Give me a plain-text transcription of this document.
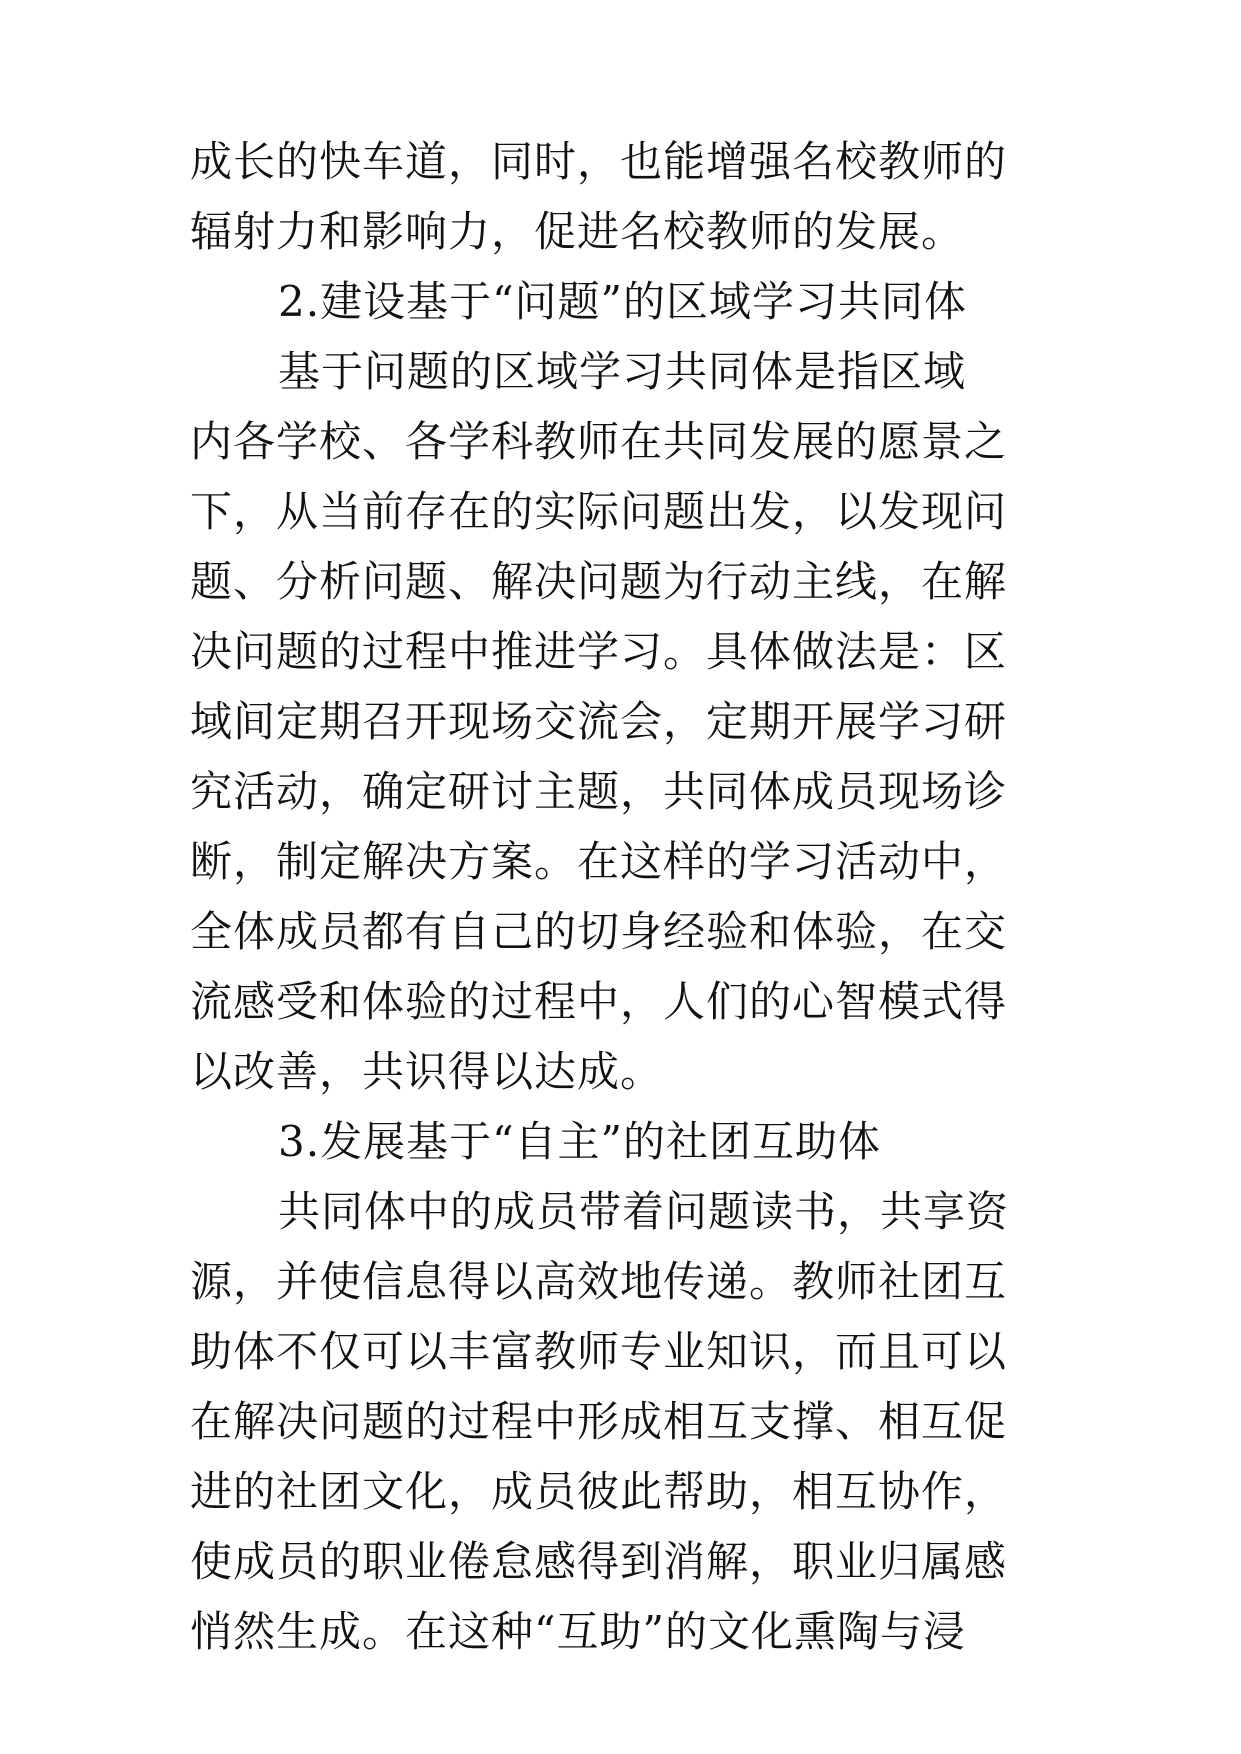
成长的快车道，同时，也能增强名校教师的
辐射力和影响力，促进名校教师的发展。
2.建设基于“问题”的区域学习共同体
基于问题的区域学习共同体是指区域
内各学校、各学科教师在共同发展的愿景之
下，从当前存在的实际问题出发，以发现问
题、分析问题、解决问题为行动主线，在解
决问题的过程中推进学习。具体做法是：区
域间定期召开现场交流会，定期开展学习研
究活动，确定研讨主题，共同体成员现场诊
断，制定解决方案。在这样的学习活动中，
全体成员都有自己的切身经验和体验，在交
流感受和体验的过程中，人们的心智模式得
以改善，共识得以达成。
3.发展基于“自主”的社团互助体
共同体中的成员带着问题读书，共享资
源，并使信息得以高效地传递。教师社团互
助体不仅可以丰富教师专业知识，而且可以
在解决问题的过程中形成相互支撑、相互促
进的社团文化，成员彼此帮助，相互协作，
使成员的职业倦怠感得到消解，职业归属感
悄然生成。在这种“互助”的文化熏陶与浸
